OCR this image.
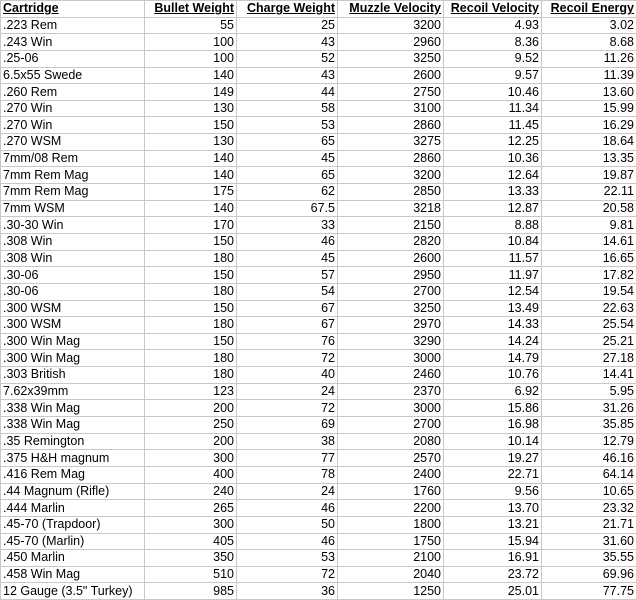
Cartridge	Bullet Weight	Charge Weight	Muzzle Velocity	Recoil Velocity	Recoil Energy
.223 Rem	55	25	3200	4.93	3.02
.243 Win	100	43	2960	8.36	8.68
.25-06	100	52	3250	9.52	11.26
6.5x55 Swede	140	43	2600	9.57	11.39
.260 Rem	149	44	2750	10.46	13.60
.270 Win	130	58	3100	11.34	15.99
.270 Win	150	53	2860	11.45	16.29
.270 WSM	130	65	3275	12.25	18.64
7mm/08 Rem	140	45	2860	10.36	13.35
7mm Rem Mag	140	65	3200	12.64	19.87
7mm Rem Mag	175	62	2850	13.33	22.11
7mm WSM	140	67.5	3218	12.87	20.58
.30-30 Win	170	33	2150	8.88	9.81
.308 Win	150	46	2820	10.84	14.61
.308 Win	180	45	2600	11.57	16.65
.30-06	150	57	2950	11.97	17.82
.30-06	180	54	2700	12.54	19.54
.300 WSM	150	67	3250	13.49	22.63
.300 WSM	180	67	2970	14.33	25.54
.300 Win Mag	150	76	3290	14.24	25.21
.300 Win Mag	180	72	3000	14.79	27.18
.303 British	180	40	2460	10.76	14.41
7.62x39mm	123	24	2370	6.92	5.95
.338 Win Mag	200	72	3000	15.86	31.26
.338 Win Mag	250	69	2700	16.98	35.85
.35 Remington	200	38	2080	10.14	12.79
.375 H&H magnum	300	77	2570	19.27	46.16
.416 Rem Mag	400	78	2400	22.71	64.14
.44 Magnum (Rifle)	240	24	1760	9.56	10.65
.444 Marlin	265	46	2200	13.70	23.32
.45-70 (Trapdoor)	300	50	1800	13.21	21.71
.45-70 (Marlin)	405	46	1750	15.94	31.60
.450 Marlin	350	53	2100	16.91	35.55
.458 Win Mag	510	72	2040	23.72	69.96
12 Gauge (3.5" Turkey)	985	36	1250	25.01	77.75
